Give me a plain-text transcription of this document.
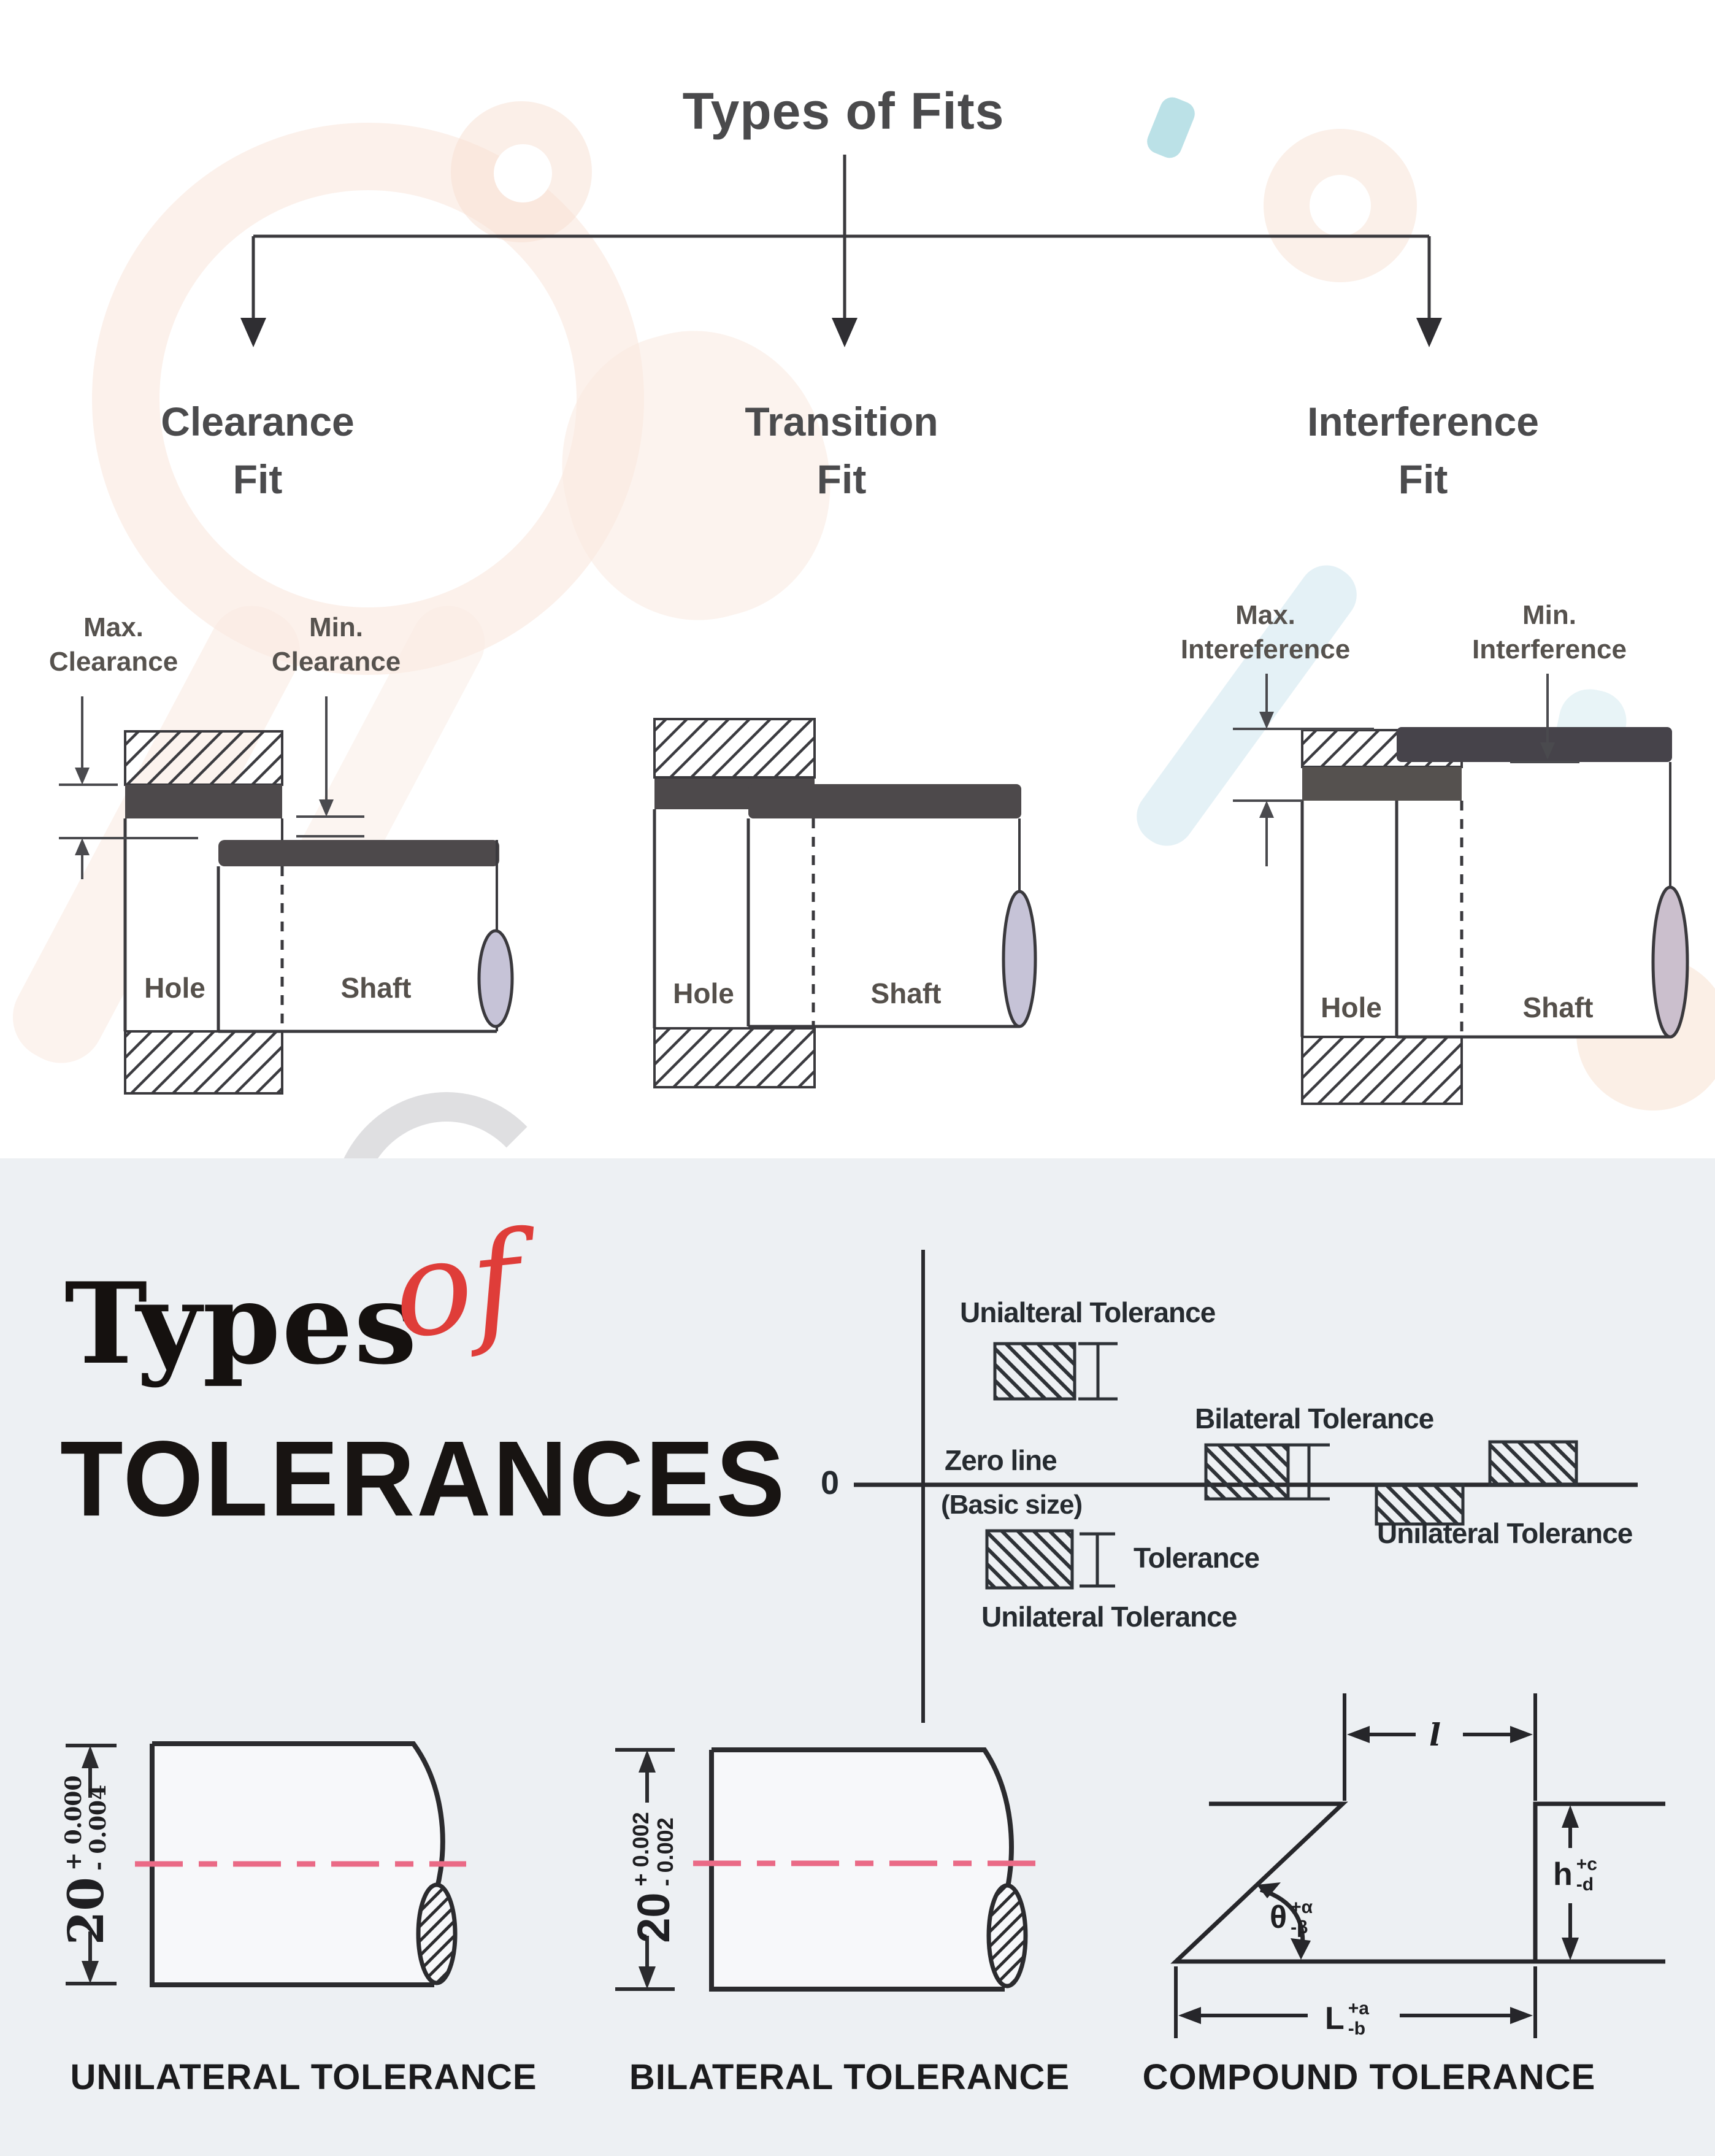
Types of Fits
Clearance
Fit
Transition
Fit
Interference
Fit
Max.
Clearance
Min.
Clearance
Hole	Shaft	Hole	Shaft
Max.
Intereference
Min.
Interference
Hole	Shaft
Types
of
TOLERANCES 0
Unialteral Tolerance
Zero line
(Basic size)
Bilateral Tolerance
Unilateral Tolerance
Tolerance
Unilateral Tolerance
20
+ 0.000
- 0.004
UNILATERAL TOLERANCE
20
+ 0.002 - 0.002
BILATERAL TOLERANCE
l
θ +α
-β
h +c
-d
L +a
-b
COMPOUND TOLERANCE
